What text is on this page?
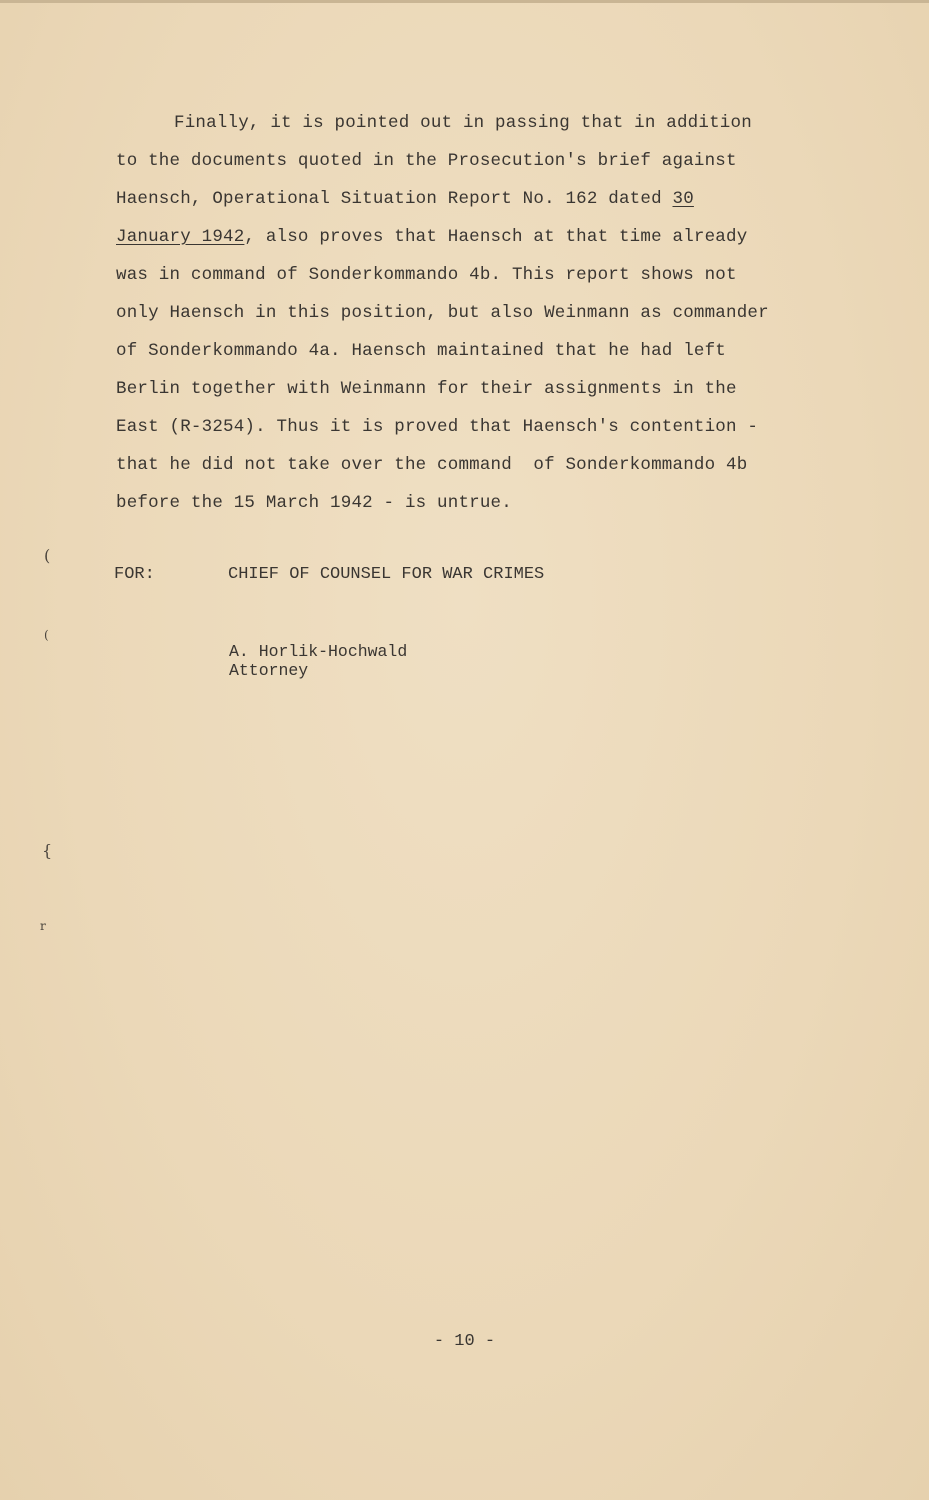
Finally, it is pointed out in passing that in addition
to the documents quoted in the Prosecution's brief against
Haensch, Operational Situation Report No. 162 dated 30
January 1942, also proves that Haensch at that time already
was in command of Sonderkommando 4b. This report shows not
only Haensch in this position, but also Weinmann as commander
of Sonderkommando 4a. Haensch maintained that he had left
Berlin together with Weinmann for their assignments in the
East (R-3254). Thus it is proved that Haensch's contention -
that he did not take over the command  of Sonderkommando 4b
before the 15 March 1942 - is untrue.
FOR:	CHIEF OF COUNSEL FOR WAR CRIMES
A. Horlik-Hochwald
Attorney
- 10 -
(
(
{
r
